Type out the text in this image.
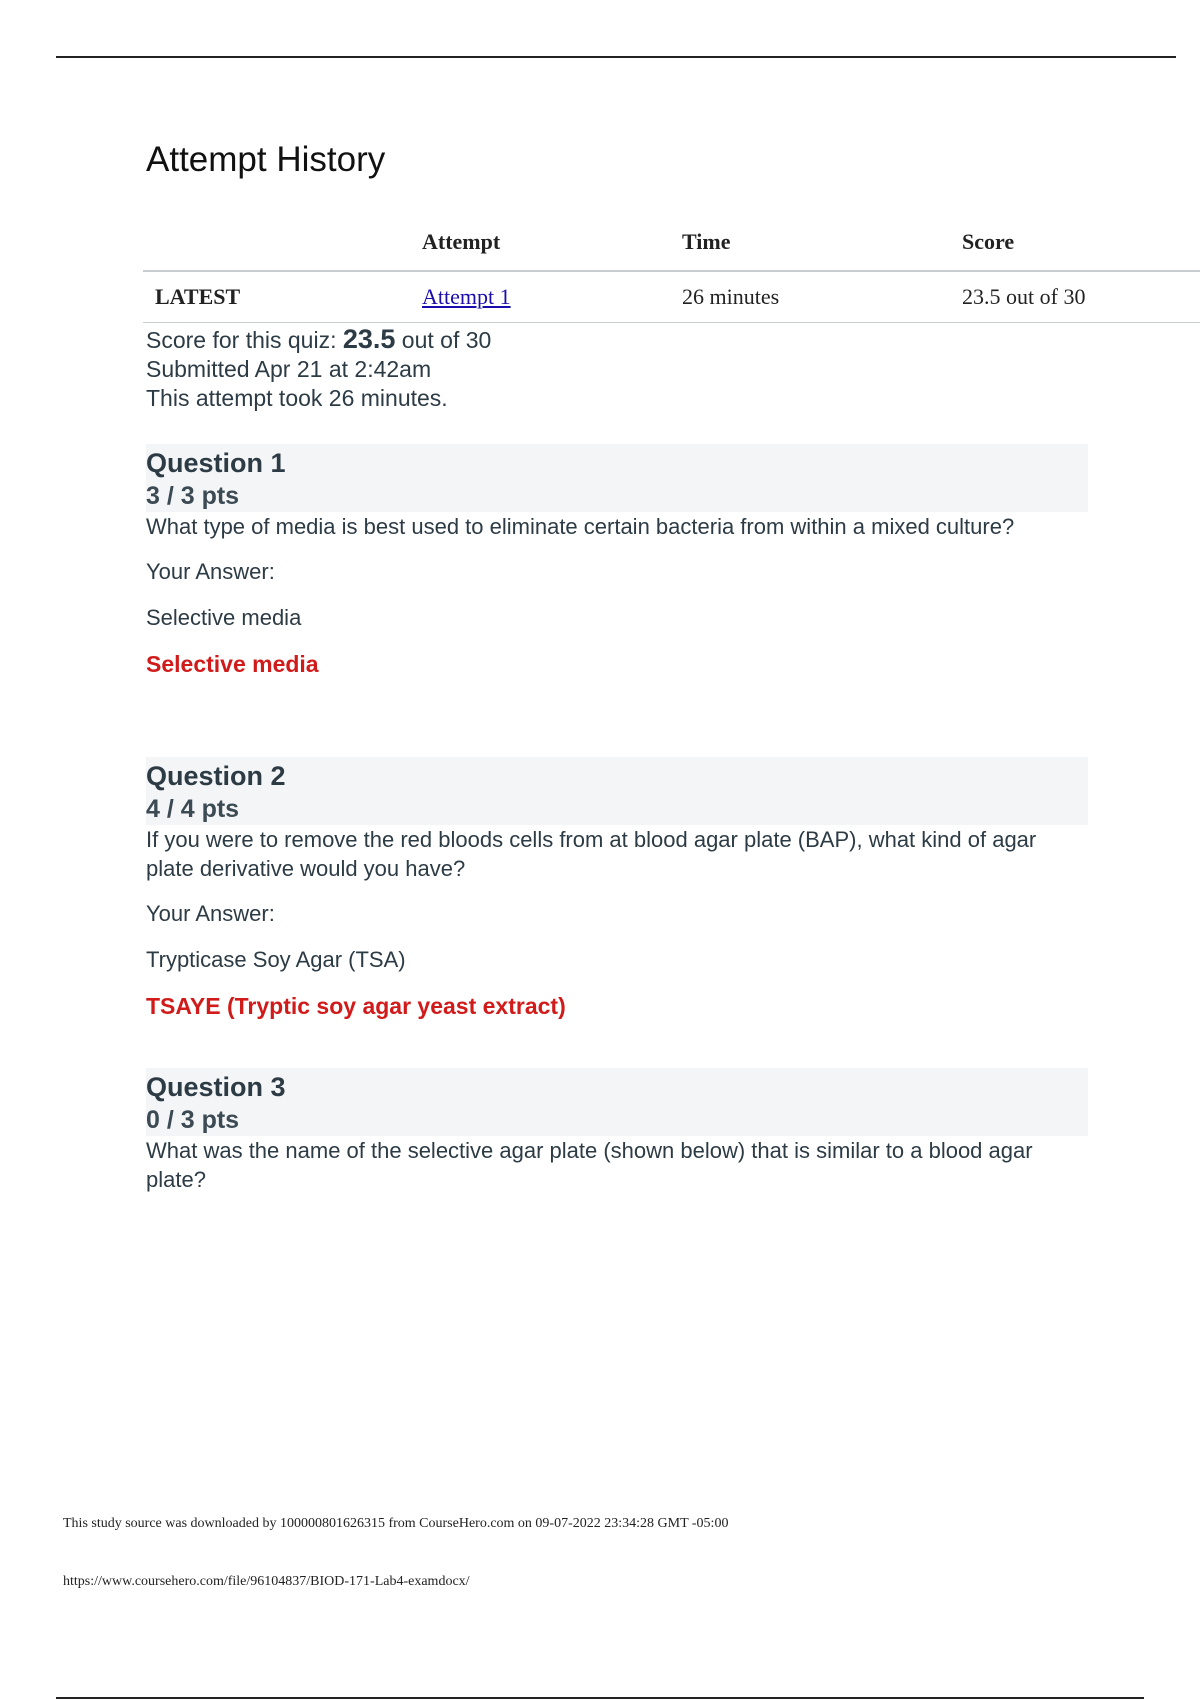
Attempt History
	Attempt	Time	Score
LATEST	Attempt 1	26 minutes	23.5 out of 30
Score for this quiz: 23.5 out of 30
Submitted Apr 21 at 2:42am
This attempt took 26 minutes.
Question 1
3 / 3 pts
What type of media is best used to eliminate certain bacteria from within a mixed culture?
Your Answer:
Selective media
Selective media
Question 2
4 / 4 pts
If you were to remove the red bloods cells from at blood agar plate (BAP), what kind of agar plate derivative would you have?
Your Answer:
Trypticase Soy Agar (TSA)
TSAYE (Tryptic soy agar yeast extract)
Question 3
0 / 3 pts
What was the name of the selective agar plate (shown below) that is similar to a blood agar plate?
This study source was downloaded by 100000801626315 from CourseHero.com on 09-07-2022 23:34:28 GMT -05:00
https://www.coursehero.com/file/96104837/BIOD-171-Lab4-examdocx/
